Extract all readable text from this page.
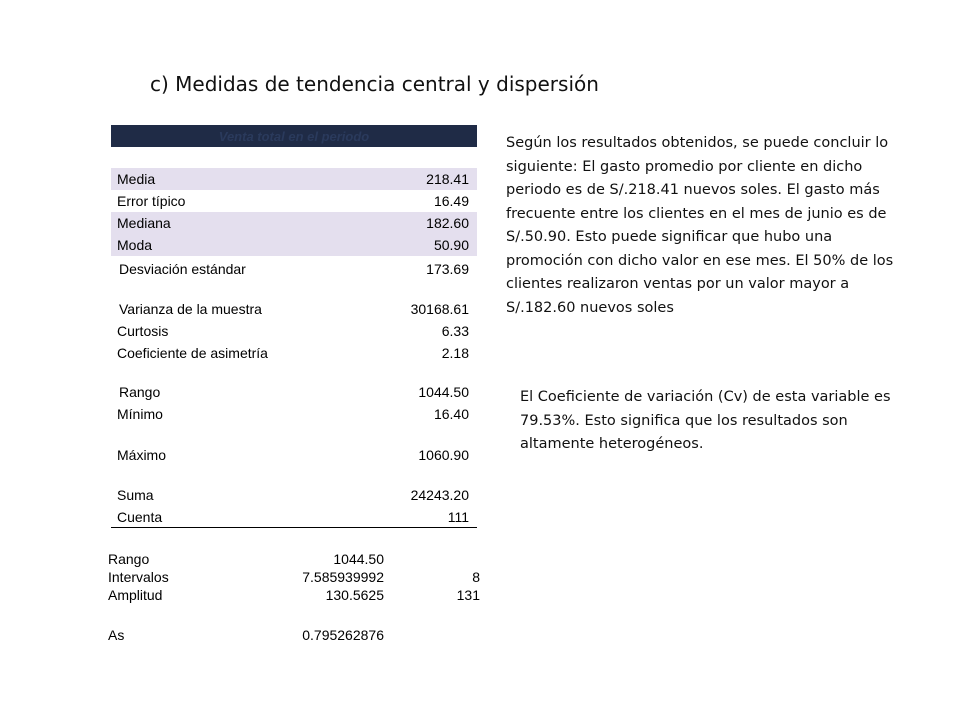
c) Medidas de tendencia central y dispersión
Venta total en el periodo
Media	218.41
Error típico	16.49
Mediana	182.60
Moda	50.90
Desviación estándar	173.69
Varianza de la muestra	30168.61
Curtosis	6.33
Coeficiente de asimetría	2.18
Rango	1044.50
Mínimo	16.40
Máximo	1060.90
Suma	24243.20
Cuenta	111
Rango	1044.50
Intervalos	7.585939992	8
Amplitud	130.5625	131
As	0.795262876
Según los resultados obtenidos, se puede concluir lo siguiente: El gasto promedio por cliente en dicho periodo es de S/.218.41 nuevos soles. El gasto más frecuente entre los clientes en el mes de junio es de S/.50.90. Esto puede significar que hubo una promoción con dicho valor en ese mes. El 50% de los clientes realizaron ventas por un valor mayor a S/.182.60 nuevos soles
El Coeficiente de variación (Cv) de esta variable es 79.53%. Esto significa que los resultados son altamente heterogéneos.
